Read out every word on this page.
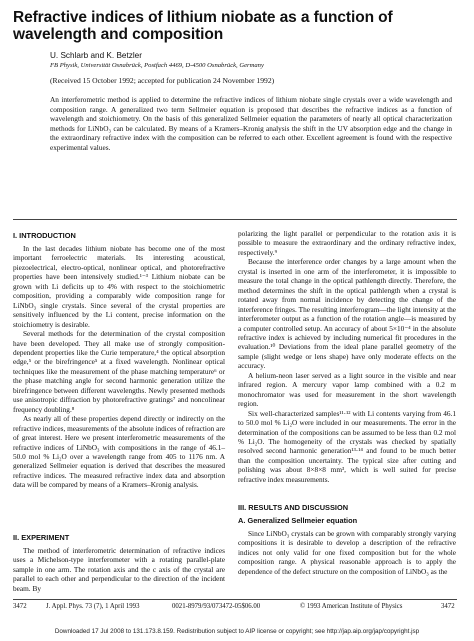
Refractive indices of lithium niobate as a function of wavelength and composition
U. Schlarb and K. Betzler
FB Physik, Universität Osnabrück, Postfach 4469, D-4500 Osnabrück, Germany
(Received 15 October 1992; accepted for publication 24 November 1992)

An interferometric method is applied to determine the refractive indices of lithium niobate single crystals over a wide wavelength and composition range. A generalized two term Sellmeier equation is proposed that describes the refractive indices as a function of wavelength and stoichiometry. On the basis of this generalized Sellmeier equation the parameters of nearly all optical characterization methods for LiNbO₃ can be calculated. By means of a Kramers–Kronig analysis the shift in the UV absorption edge and the change in the extraordinary refractive index with the composition can be referred to each other. Excellent agreement is found with the respective experimental values.

I. INTRODUCTION

In the last decades lithium niobate has become one of the most important ferroelectric materials. Its interesting acoustical, piezoelectrical, electro-optical, nonlinear optical, and photorefractive properties have been intensively studied.¹⁻³ Lithium niobate can be grown with Li deficits up to 4% with respect to the stoichiometric composition, providing a comparably wide composition range for LiNbO₃ single crystals. Since several of the crystal properties are sensitively influenced by the Li content, precise information on the stoichiometry is desirable.

Several methods for the determination of the crystal composition have been developed. They all make use of strongly composition-dependent properties like the Curie temperature,⁴ the optical absorption edge,⁵ or the birefringence⁵ at a fixed wavelength. Nonlinear optical techniques like the measurement of the phase matching temperature⁶ or the phase matching angle for second harmonic generation utilize the birefringence between different wavelengths. Newly presented methods use anisotropic diffraction by photorefractive gratings⁷ and noncolinear frequency doubling.⁸

As nearly all of these properties depend directly or indirectly on the refractive indices, measurements of the absolute indices of refraction are of great interest. Here we present interferometric measurements of the refractive indices of LiNbO₃ with compositions in the range of 46.1–50.0 mol % Li₂O over a wavelength range from 405 to 1176 nm. A generalized Sellmeier equation is derived that describes the measured refractive indices. The measured refractive index data and absorption data will be compared by means of a Kramers–Kronig analysis.

II. EXPERIMENT

The method of interferometric determination of refractive indices uses a Michelson-type interferometer with a rotating parallel-plate sample in one arm. The rotation axis and the c axis of the crystal are parallel to each other and perpendicular to the direction of the incident beam. By

polarizing the light parallel or perpendicular to the rotation axis it is possible to measure the extraordinary and the ordinary refractive index, respectively.⁹

Because the interference order changes by a large amount when the crystal is inserted in one arm of the interferometer, it is impossible to measure the total change in the optical pathlength directly. Therefore, the method determines the shift in the optical pathlength when a crystal is rotated away from normal incidence by detecting the change of the interference fringes. The resulting interferogram—the light intensity at the interferometer output as a function of the rotation angle—is measured by a computer controlled setup. An accuracy of about 5×10⁻⁴ in the absolute refractive index is achieved by including numerical fit procedures in the evaluation.¹⁰ Deviations from the ideal plane parallel geometry of the sample (slight wedge or lens shape) have only moderate effects on the accuracy.

A helium-neon laser served as a light source in the visible and near infrared region. A mercury vapor lamp combined with a 0.2 m monochromator was used for measurement in the short wavelength region.

Six well-characterized samples¹¹·¹² with Li contents varying from 46.1 to 50.0 mol % Li₂O were included in our measurements. The error in the determination of the compositions can be assumed to be less than 0.2 mol % Li₂O. The homogeneity of the crystals was checked by spatially resolved second harmonic generation¹³·¹⁴ and found to be much better than the composition uncertainty. The typical size after cutting and polishing was about 8×8×8 mm³, which is well suited for precise refractive index measurements.

III. RESULTS AND DISCUSSION
A. Generalized Sellmeier equation

Since LiNbO₃ crystals can be grown with comparably strongly varying compositions it is desirable to develop a description of the refractive indices not only valid for one fixed composition but for the whole composition range. A physical reasonable approach is to apply the dependence of the defect structure on the composition of LiNbO₃ as the

3472	J. Appl. Phys. 73 (7), 1 April 1993	0021-8979/93/073472-05$06.00	© 1993 American Institute of Physics	3472
Downloaded 17 Jul 2008 to 131.173.8.159. Redistribution subject to AIP license or copyright; see http://jap.aip.org/jap/copyright.jsp
